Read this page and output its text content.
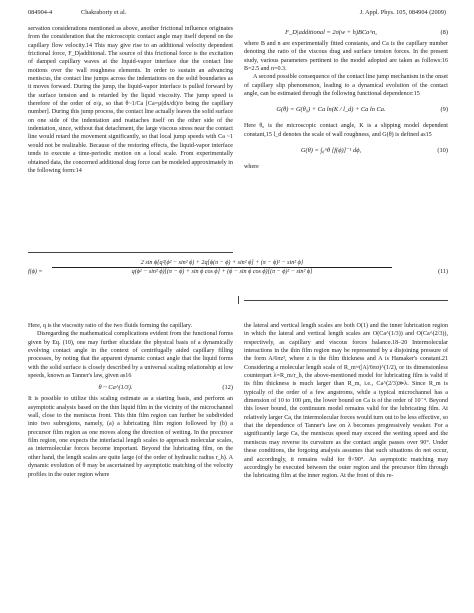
084904-4	Chakraborty et al.	J. Appl. Phys. 105, 084904 (2009)

servation considerations mentioned as above, another frictional influence originates from the consideration that the microscopic contact angle may itself depend on the capillary flow velocity.14 This may give rise to an additional velocity dependent frictional force, F_D|additional. The source of this frictional force is the excitation of damped capillary waves at the liquid-vapor interface due the contact line motions over the wall roughness elements. In order to sustain an advancing meniscus, the contact line jumps across the indentations on the solid boundaries as it moves forward. During the jump, the liquid-vapor interface is pulled forward by the surface tension and is retarded by the liquid viscosity. The jump speed is therefore of the order of σ/μ, so that θ~1/Ca [Ca=μ(dx/dt)/σ being the capillary number]. During this jump process, the contact line actually leaves the solid surface on one side of the indentation and reattaches itself on the other side of the indentation, since, without that detachment, the large viscous stress near the contact line would retard the movement significantly, so that local jump speeds with Ca ~1 would not be realizable. Because of the restoring effects, the liquid-vapor interface tends to execute a time-periodic motion on a local scale. From experimentally obtained data, the concerned additional drag force can be modeled approximately in the following form:14

F_D|additional = 2σ(w + h)BCa^n,	(8)

where B and n are experimentally fitted constants, and Ca is the capillary number denoting the ratio of the viscous drag and surface tension forces. In the present study, various parameters pertinent to the model adopted are taken as follows:16 B=2.5 and n=0.3.

A second possible consequence of the contact line jump mechanism in the onset of capillary slip phenomenon, leading to a dynamical evolution of the contact angle, can be estimated through the following functional dependence:15

G(θ) = G(θ₀) + Ca ln(K / l_d) + Ca ln Ca.	(9)

Here θ₀ is the microscopic contact angle, K is a slipping model dependent constant,15 l_d denotes the scale of wall roughness, and G(θ) is defined as15

G(θ) = ∫₀^θ [f(ϕ)]⁻¹ dϕ,	(10)

where

f(ϕ) =
2 sin ϕ{q²(ϕ² − sin² ϕ) + 2q[ϕ(π − ϕ) + sin² ϕ] + (π − ϕ)² − sin² ϕ}
q(ϕ² − sin² ϕ)[(π − ϕ) + sin ϕ cos ϕ] + (ϕ − sin ϕ cos ϕ)[(π − ϕ)² − sin² ϕ]	(11)

Here, q is the viscosity ratio of the two fluids forming the capillary.

Disregarding the mathematical complications evident from the functional forms given by Eq. (10), one may further elucidate the physical basis of a dynamically evolving contact angle in the context of centrifugally aided capillary filling processes, by noting that the apparent dynamic contact angle that the liquid forms with the solid surface is closely described by a universal scaling relationship at low speeds, known as Tanner's law, given as16

θ ~ Ca^(1/3).	(12)

It is possible to utilize this scaling estimate as a starting basis, and perform an asymptotic analysis based on the thin liquid film in the vicinity of the microchannel wall, close to the meniscus front. This thin film region can further be subdivided into two subregions, namely, (a) a lubricating film region followed by (b) a precursor film region as one moves along the direction of wetting. In the precursor film region, one expects the interfacial length scales to approach molecular scales, as intermolecular forces become important. Beyond the lubricating film, on the other hand, the length scales are quite large (of the order of hydraulic radius r_h). A dynamic evolution of θ may be ascertained by asymptotic matching of the velocity profiles in the outer region where

the lateral and vertical length scales are both O(1) and the inner lubrication region in which the lateral and vertical length scales are O(Ca^(1/3)) and O(Ca^(2/3)), respectively, as capillary and viscous forces balance.18–20 Intermolecular interactions in the thin film region may be represented by a disjoining pressure of the form A/6πz³, where z is the film thickness and A is Hamaker's constant.21 Considering a molecular length scale of R_m=(|A|/6πσ)^(1/2), or its dimensionless counterpart λ=R_m/r_h, the above-mentioned model for lubricating film is valid if its film thickness is much larger than R_m, i.e., Ca^(2/3)≫λ. Since R_m is typically of the order of a few angstroms, while a typical microchannel has a dimension of 10 to 100 μm, the lower bound on Ca is of the order of 10⁻⁴. Beyond this lower bound, the continuum model remains valid for the lubricating film. At relatively larger Ca, the intermolecular forces would turn out to be less effective, so that the dependence of Tanner's law on λ becomes progressively weaker. For a significantly large Ca, the meniscus speed may exceed the wetting speed and the meniscus may reverse its curvature as the contact angle passes over 90°. Under these conditions, the forgoing analysis assumes that such situations do not occur, and accordingly, it remains valid for θ<90°. An asymptotic matching may accordingly be executed between the outer region and the precursor film through the lubricating film at the inner region. At the front of this re-
